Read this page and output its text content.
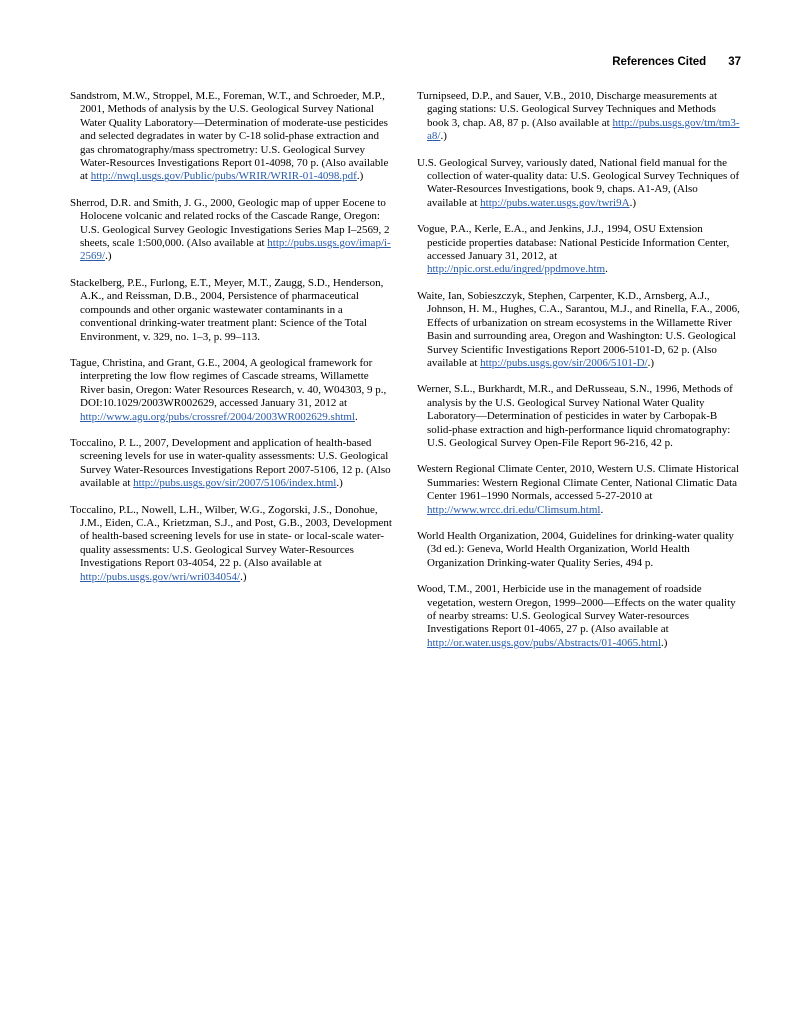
References Cited 37

Sandstrom, M.W., Stroppel, M.E., Foreman, W.T., and Schroeder, M.P., 2001, Methods of analysis by the U.S. Geological Survey National Water Quality Laboratory—Determination of moderate-use pesticides and selected degradates in water by C-18 solid-phase extraction and gas chromatography/mass spectrometry: U.S. Geological Survey Water-Resources Investigations Report 01-4098, 70 p. (Also available at http://nwql.usgs.gov/Public/pubs/WRIR/WRIR-01-4098.pdf.)

Sherrod, D.R. and Smith, J. G., 2000, Geologic map of upper Eocene to Holocene volcanic and related rocks of the Cascade Range, Oregon: U.S. Geological Survey Geologic Investigations Series Map I–2569, 2 sheets, scale 1:500,000. (Also available at http://pubs.usgs.gov/imap/i-2569/.)

Stackelberg, P.E., Furlong, E.T., Meyer, M.T., Zaugg, S.D., Henderson, A.K., and Reissman, D.B., 2004, Persistence of pharmaceutical compounds and other organic wastewater contaminants in a conventional drinking-water treatment plant: Science of the Total Environment, v. 329, no. 1–3, p. 99–113.

Tague, Christina, and Grant, G.E., 2004, A geological framework for interpreting the low flow regimes of Cascade streams, Willamette River basin, Oregon: Water Resources Research, v. 40, W04303, 9 p., DOI:10.1029/2003WR002629, accessed January 31, 2012 at http://www.agu.org/pubs/crossref/2004/2003WR002629.shtml.

Toccalino, P. L., 2007, Development and application of health-based screening levels for use in water-quality assessments: U.S. Geological Survey Water-Resources Investigations Report 2007-5106, 12 p. (Also available at http://pubs.usgs.gov/sir/2007/5106/index.html.)

Toccalino, P.L., Nowell, L.H., Wilber, W.G., Zogorski, J.S., Donohue, J.M., Eiden, C.A., Krietzman, S.J., and Post, G.B., 2003, Development of health-based screening levels for use in state- or local-scale water-quality assessments: U.S. Geological Survey Water-Resources Investigations Report 03-4054, 22 p. (Also available at http://pubs.usgs.gov/wri/wri034054/.)

Turnipseed, D.P., and Sauer, V.B., 2010, Discharge measurements at gaging stations: U.S. Geological Survey Techniques and Methods book 3, chap. A8, 87 p. (Also available at http://pubs.usgs.gov/tm/tm3-a8/.)

U.S. Geological Survey, variously dated, National field manual for the collection of water-quality data: U.S. Geological Survey Techniques of Water-Resources Investigations, book 9, chaps. A1-A9, (Also available at http://pubs.water.usgs.gov/twri9A.)

Vogue, P.A., Kerle, E.A., and Jenkins, J.J., 1994, OSU Extension pesticide properties database: National Pesticide Information Center, accessed January 31, 2012, at http://npic.orst.edu/ingred/ppdmove.htm.

Waite, Ian, Sobieszczyk, Stephen, Carpenter, K.D., Arnsberg, A.J., Johnson, H. M., Hughes, C.A., Sarantou, M.J., and Rinella, F.A., 2006, Effects of urbanization on stream ecosystems in the Willamette River Basin and surrounding area, Oregon and Washington: U.S. Geological Survey Scientific Investigations Report 2006-5101-D, 62 p. (Also available at http://pubs.usgs.gov/sir/2006/5101-D/.)

Werner, S.L., Burkhardt, M.R., and DeRusseau, S.N., 1996, Methods of analysis by the U.S. Geological Survey National Water Quality Laboratory—Determination of pesticides in water by Carbopak-B solid-phase extraction and high-performance liquid chromatography: U.S. Geological Survey Open-File Report 96-216, 42 p.

Western Regional Climate Center, 2010, Western U.S. Climate Historical Summaries: Western Regional Climate Center, National Climatic Data Center 1961–1990 Normals, accessed 5-27-2010 at http://www.wrcc.dri.edu/Climsum.html.

World Health Organization, 2004, Guidelines for drinking-water quality (3d ed.): Geneva, World Health Organization, World Health Organization Drinking-water Quality Series, 494 p.

Wood, T.M., 2001, Herbicide use in the management of roadside vegetation, western Oregon, 1999–2000—Effects on the water quality of nearby streams: U.S. Geological Survey Water-resources Investigations Report 01-4065, 27 p. (Also available at http://or.water.usgs.gov/pubs/Abstracts/01-4065.html.)
